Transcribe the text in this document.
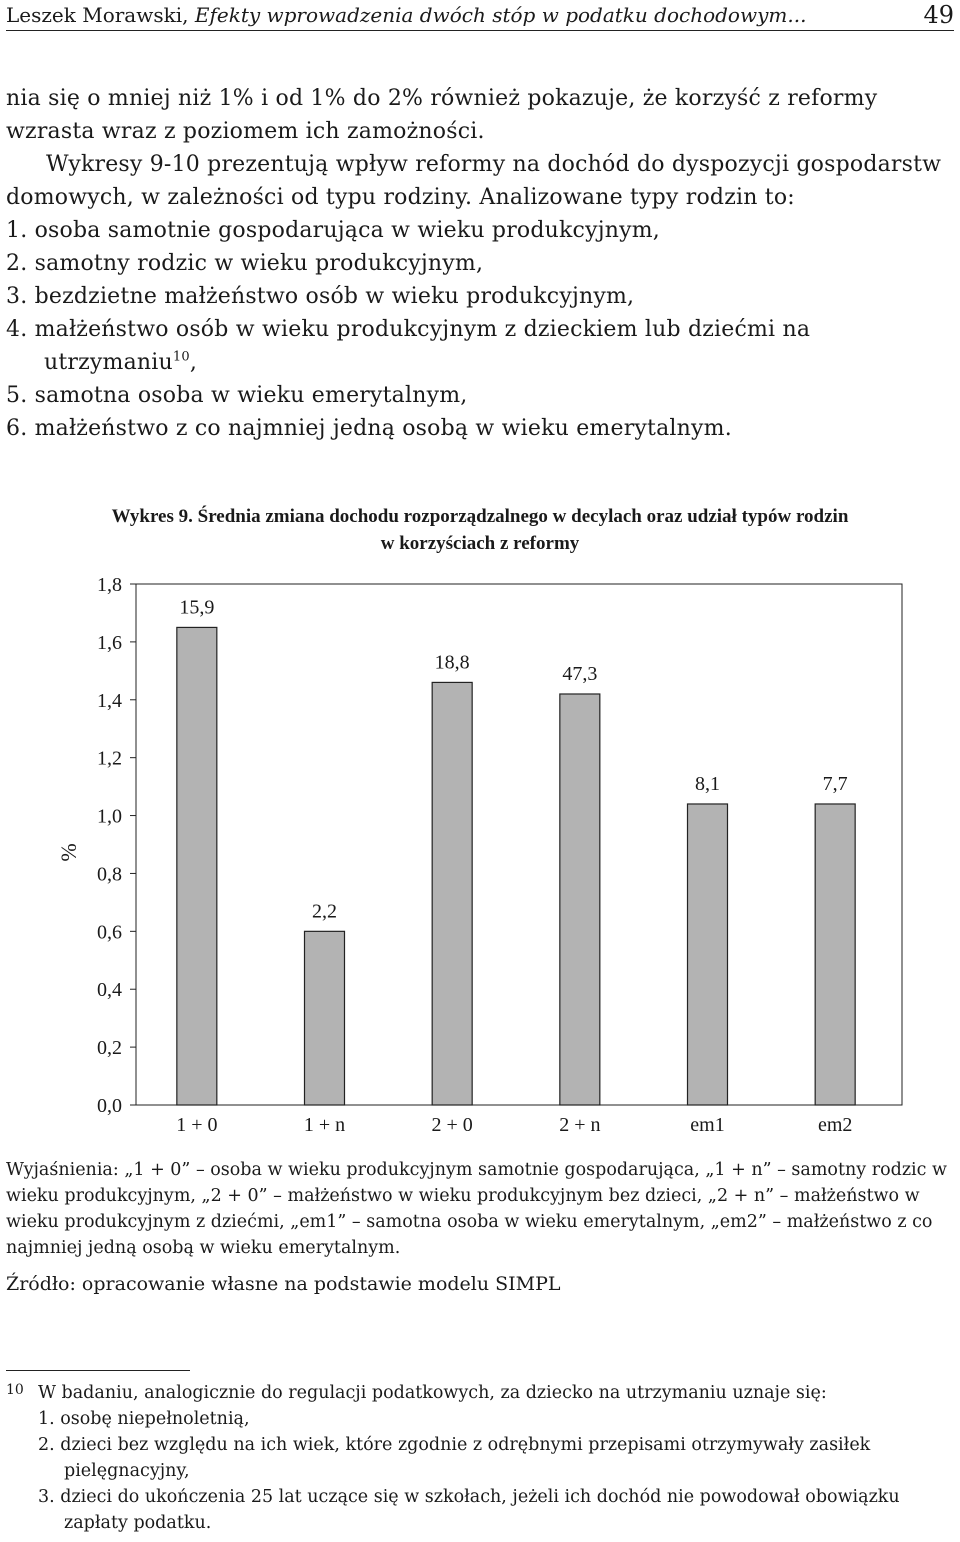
Leszek Morawski, Efekty wprowadzenia dwóch stóp w podatku dochodowym...	49

nia się o mniej niż 1% i od 1% do 2% również pokazuje, że korzyść z reformy wzrasta wraz z poziomem ich zamożności.

Wykresy 9-10 prezentują wpływ reformy na dochód do dyspozycji gospodarstw domowych, w zależności od typu rodziny. Analizowane typy rodzin to:

1. osoba samotnie gospodarująca w wieku produkcyjnym,
2. samotny rodzic w wieku produkcyjnym,
3. bezdzietne małżeństwo osób w wieku produkcyjnym,
4. małżeństwo osób w wieku produkcyjnym z dzieckiem lub dziećmi na utrzymaniu$^{10}$,
5. samotna osoba w wieku emerytalnym,
6. małżeństwo z co najmniej jedną osobą w wieku emerytalnym.
Wykres 9. Średnia zmiana dochodu rozporządzalnego w decylach oraz udział typów rodzin
w korzyściach z reformy
0,0
0,2
0,4
0,6
0,8
1,0
1,2
1,4
1,6
1,8
%
15,9
1 + 0
2,2
1 + n
18,8
2 + 0
47,3
2 + n
8,1
em1
7,7
em2
Wyjaśnienia: „1 + 0” – osoba w wieku produkcyjnym samotnie gospodarująca, „1 + n” – samotny rodzic w wieku produkcyjnym, „2 + 0” – małżeństwo w wieku produkcyjnym bez dzieci, „2 + n” – małżeństwo w wieku produkcyjnym z dziećmi, „em1” – samotna osoba w wieku emerytalnym, „em2” – małżeństwo z co najmniej jedną osobą w wieku emerytalnym.
Źródło: opracowanie własne na podstawie modelu SIMPL
10 W badaniu, analogicznie do regulacji podatkowych, za dziecko na utrzymaniu uznaje się:
1. osobę niepełnoletnią,
2. dzieci bez względu na ich wiek, które zgodnie z odrębnymi przepisami otrzymywały zasiłek pielęgnacyjny,
3. dzieci do ukończenia 25 lat uczące się w szkołach, jeżeli ich dochód nie powodował obowiązku zapłaty podatku.
